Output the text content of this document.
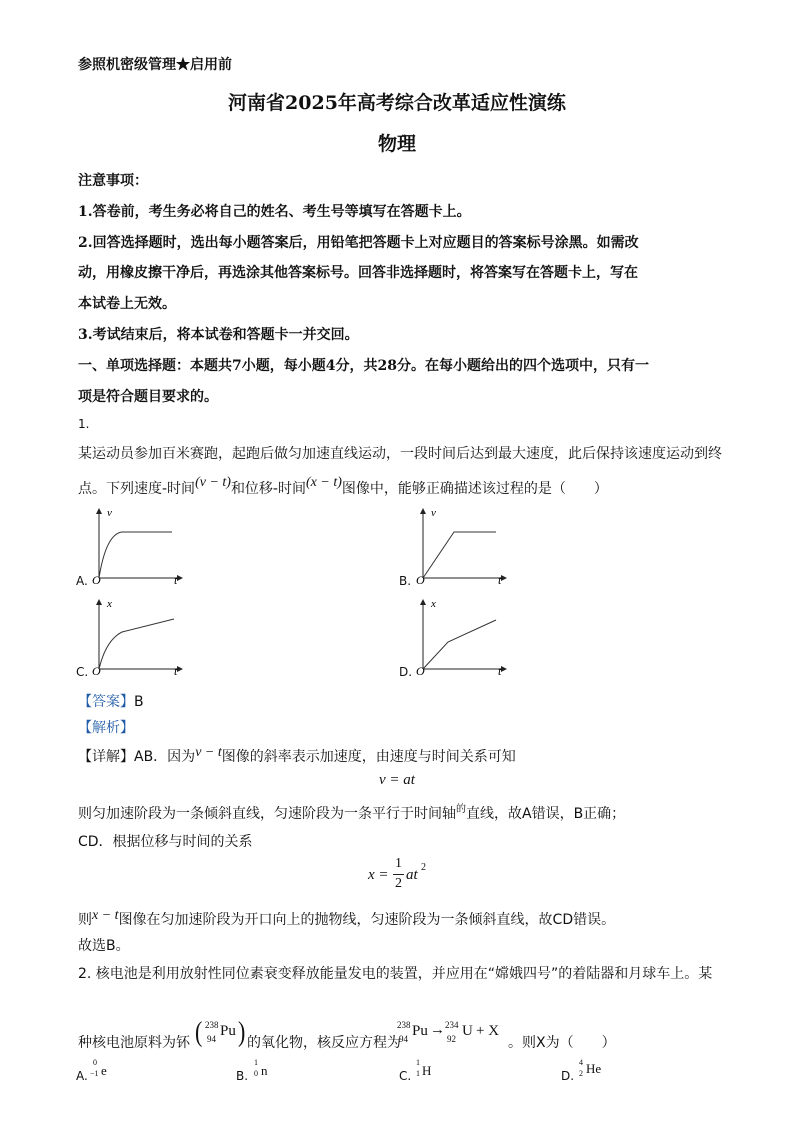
参照机密级管理★启用前
河南省2025年高考综合改革适应性演练
物理
注意事项：
1.答卷前，考生务必将自己的姓名、考生号等填写在答题卡上。
2.回答选择题时，选出每小题答案后，用铅笔把答题卡上对应题目的答案标号涂黑。如需改
动，用橡皮擦干净后，再选涂其他答案标号。回答非选择题时，将答案写在答题卡上，写在
本试卷上无效。
3.考试结束后，将本试卷和答题卡一并交回。
一、单项选择题：本题共7小题，每小题4分，共28分。在每小题给出的四个选项中，只有一
项是符合题目要求的。
1.
某运动员参加百米赛跑，起跑后做匀加速直线运动，一段时间后达到最大速度，此后保持该速度运动到终
点。下列速度-时间(v − t)和位移-时间(x − t)图像中，能够正确描述该过程的是（　　）
A.
v
O	t	B.
v
O	t
C.
x
O	t	D.
x
O	t
【答案】B
【解析】
【详解】AB．因为v − t图像的斜率表示加速度，由速度与时间关系可知
v = at
则匀加速阶段为一条倾斜直线，匀速阶段为一条平行于时间轴$^的$直线，故A错误，B正确；
CD．根据位移与时间的关系
x =
1
2
at 2
则x − t图像在匀加速阶段为开口向上的抛物线，匀速阶段为一条倾斜直线，故CD错误。
故选B。
2. 核电池是利用放射性同位素衰变释放能量发电的装置，并应用在“嫦娥四号”的着陆器和月球车上。某
种核电池原料为钚 ( 238
94 Pu ) 的氧化物，核反应方程为
238
94 Pu → 234
92 U + X
。则X为（　　）
A.
0
−1 e	B.
1
0 n	C.
1
1 H	D.
4
2 He
